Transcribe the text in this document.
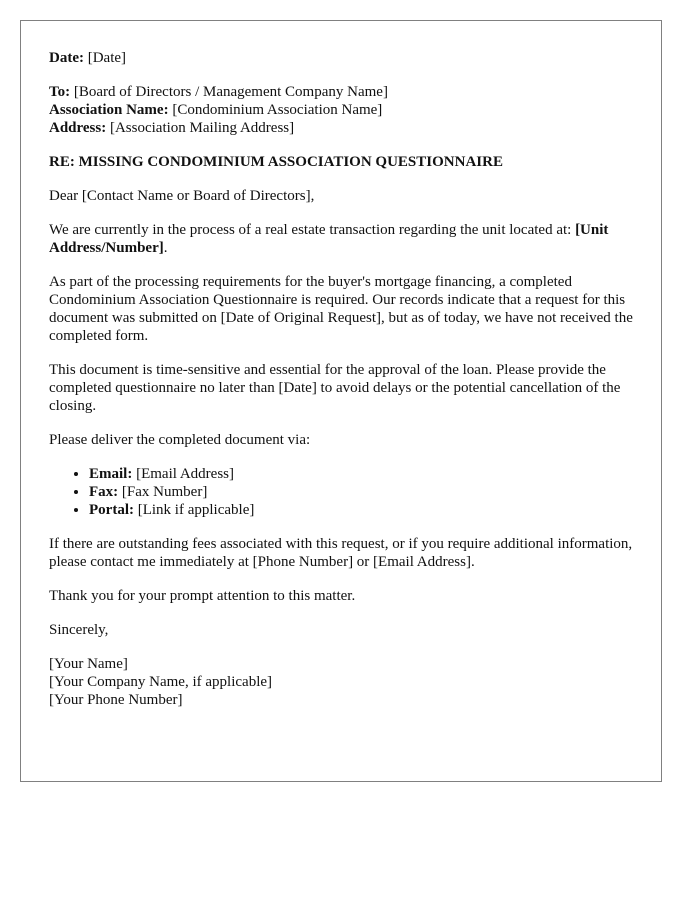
Date: [Date]

To: [Board of Directors / Management Company Name]
Association Name: [Condominium Association Name]
Address: [Association Mailing Address]

RE: MISSING CONDOMINIUM ASSOCIATION QUESTIONNAIRE

Dear [Contact Name or Board of Directors],

We are currently in the process of a real estate transaction regarding the unit located at: [Unit Address/Number].

As part of the processing requirements for the buyer's mortgage financing, a completed Condominium Association Questionnaire is required. Our records indicate that a request for this document was submitted on [Date of Original Request], but as of today, we have not received the completed form.

This document is time-sensitive and essential for the approval of the loan. Please provide the completed questionnaire no later than [Date] to avoid delays or the potential cancellation of the closing.

Please deliver the completed document via:

• Email: [Email Address]
• Fax: [Fax Number]
• Portal: [Link if applicable]

If there are outstanding fees associated with this request, or if you require additional information, please contact me immediately at [Phone Number] or [Email Address].

Thank you for your prompt attention to this matter.

Sincerely,

[Your Name]
[Your Company Name, if applicable]
[Your Phone Number]
